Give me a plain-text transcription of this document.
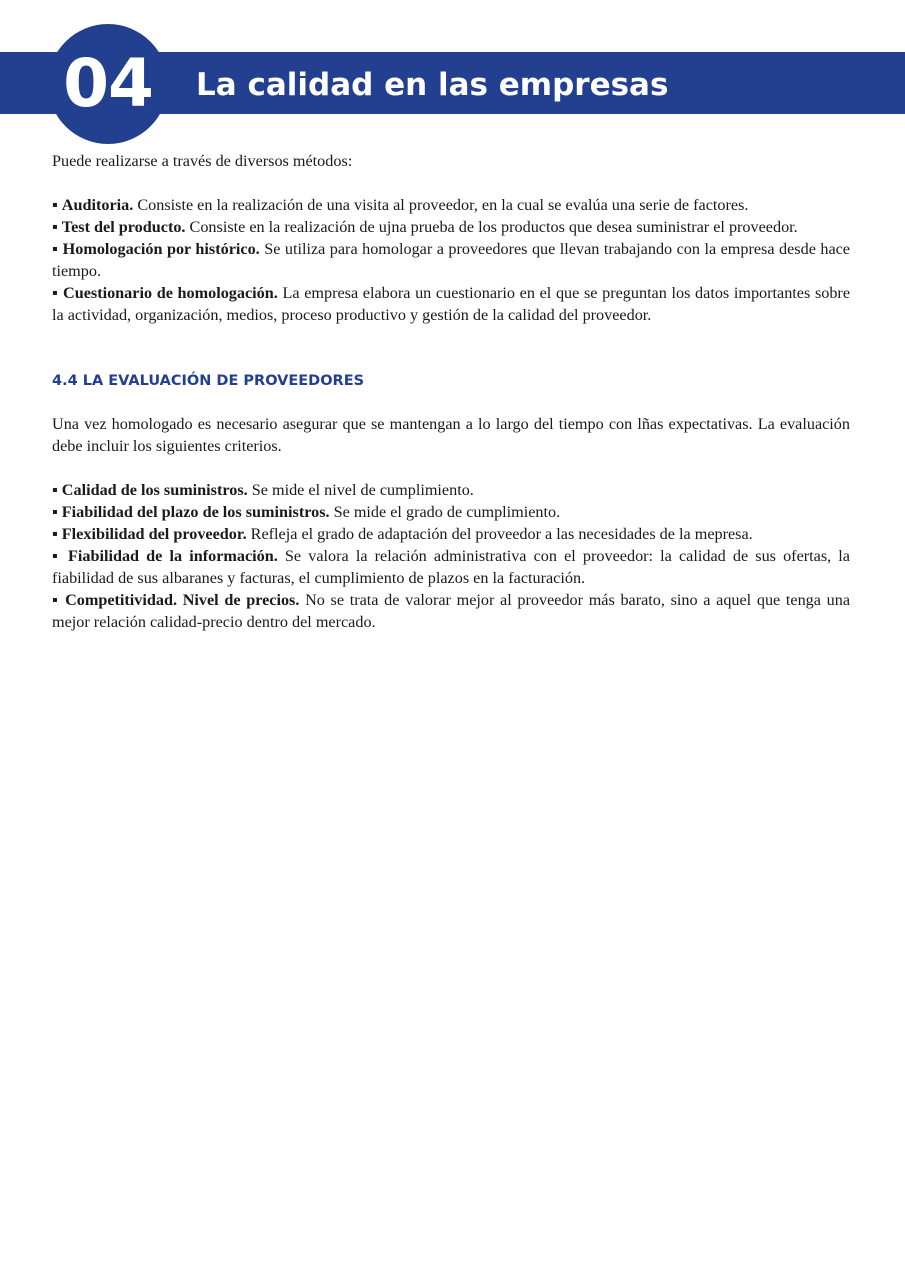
04	La calidad en las empresas

Puede realizarse a través de diversos métodos:

▪ Auditoria. Consiste en la realización de una visita al proveedor, en la cual se evalúa una serie de factores.

▪ Test del producto. Consiste en la realización de ujna prueba de los productos que desea suministrar el proveedor.

▪ Homologación por histórico. Se utiliza para homologar a proveedores que llevan trabajando con la empresa desde hace tiempo.

▪ Cuestionario de homologación. La empresa elabora un cuestionario en el que se preguntan los datos importantes sobre la actividad, organización, medios, proceso productivo y gestión de la calidad del proveedor.

4.4 LA EVALUACIÓN DE PROVEEDORES

Una vez homologado es necesario asegurar que se mantengan a lo largo del tiempo con lñas expectativas. La evaluación debe incluir los siguientes criterios.

▪ Calidad de los suministros. Se mide el nivel de cumplimiento.

▪ Fiabilidad del plazo de los suministros. Se mide el grado de cumplimiento.

▪ Flexibilidad del proveedor. Refleja el grado de adaptación del proveedor a las necesidades de la mepresa.

▪ Fiabilidad de la información. Se valora la relación administrativa con el proveedor: la calidad de sus ofertas, la fiabilidad de sus albaranes y facturas, el cumplimiento de plazos en la facturación.

▪ Competitividad. Nivel de precios. No se trata de valorar mejor al proveedor más barato, sino a aquel que tenga una mejor relación calidad-precio dentro del mercado.
